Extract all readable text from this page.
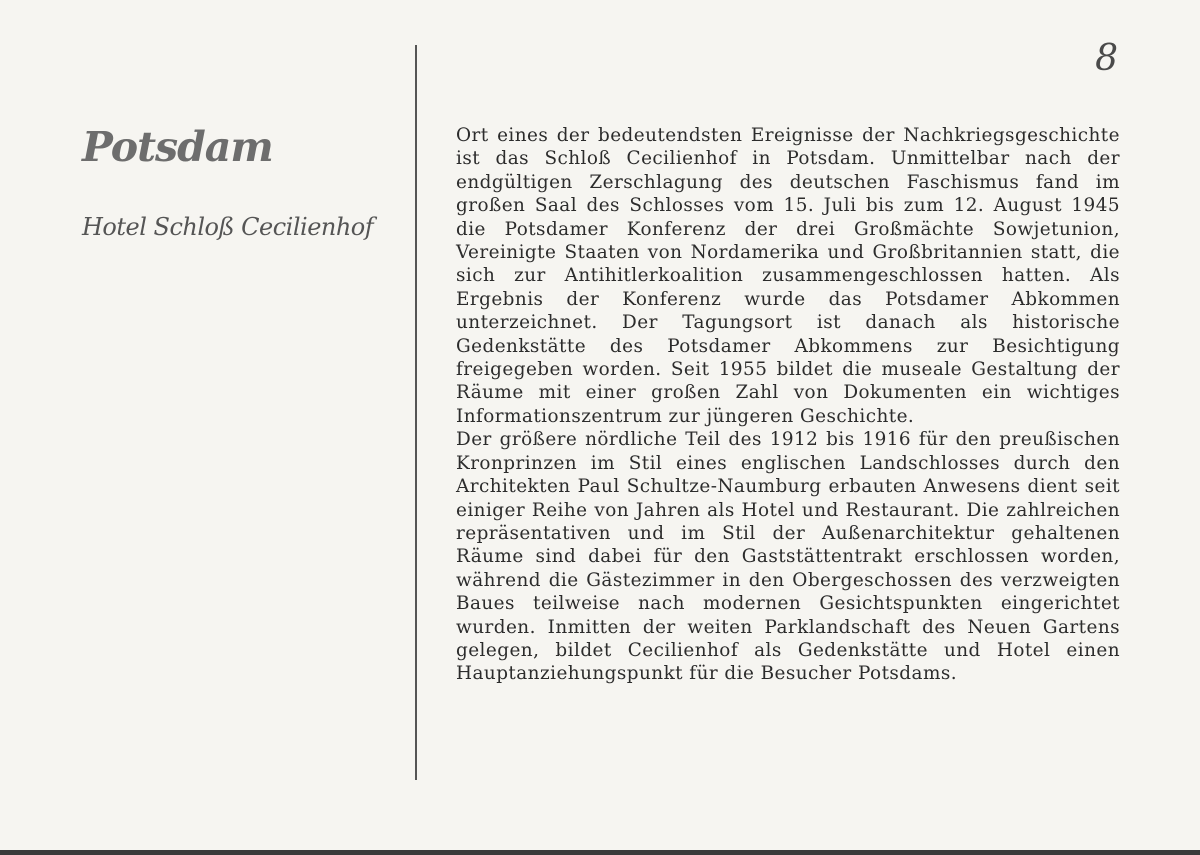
8
Potsdam
Hotel Schloß Cecilienhof
Ort eines der bedeutendsten Ereignisse der Nachkriegsgeschichte ist das Schloß Cecilienhof in Potsdam. Unmittelbar nach der endgültigen Zerschlagung des deutschen Faschismus fand im großen Saal des Schlosses vom 15. Juli bis zum 12. August 1945 die Potsdamer Konferenz der drei Großmächte Sowjetunion, Vereinigte Staaten von Nordamerika und Großbritannien statt, die sich zur Antihitlerkoalition zusammengeschlossen hatten. Als Ergebnis der Konferenz wurde das Potsdamer Abkommen unterzeichnet. Der Tagungsort ist danach als historische Gedenkstätte des Potsdamer Abkommens zur Besichtigung freigegeben worden. Seit 1955 bildet die museale Gestaltung der Räume mit einer großen Zahl von Dokumenten ein wichtiges Informationszentrum zur jüngeren Geschichte.
Der größere nördliche Teil des 1912 bis 1916 für den preußischen Kronprinzen im Stil eines englischen Landschlosses durch den Architekten Paul Schultze-Naumburg erbauten Anwesens dient seit einiger Reihe von Jahren als Hotel und Restaurant. Die zahlreichen repräsentativen und im Stil der Außenarchitektur gehaltenen Räume sind dabei für den Gaststättentrakt erschlossen worden, während die Gästezimmer in den Obergeschossen des verzweigten Baues teilweise nach modernen Gesichtspunkten eingerichtet wurden. Inmitten der weiten Parklandschaft des Neuen Gartens gelegen, bildet Cecilienhof als Gedenkstätte und Hotel einen Hauptanziehungspunkt für die Besucher Potsdams.
